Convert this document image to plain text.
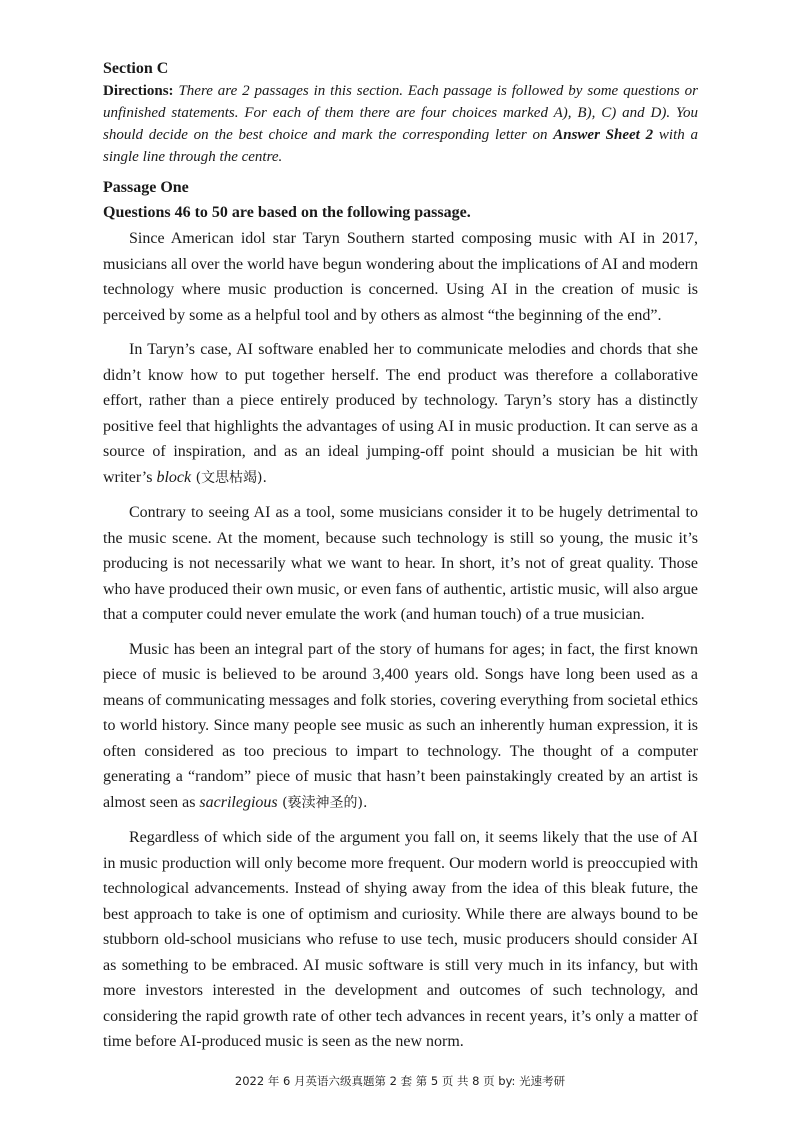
Section C

Directions: There are 2 passages in this section. Each passage is followed by some questions or unfinished statements. For each of them there are four choices marked A), B), C) and D). You should decide on the best choice and mark the corresponding letter on Answer Sheet 2 with a single line through the centre.

Passage One

Questions 46 to 50 are based on the following passage.

Since American idol star Taryn Southern started composing music with AI in 2017, musicians all over the world have begun wondering about the implications of AI and modern technology where music production is concerned. Using AI in the creation of music is perceived by some as a helpful tool and by others as almost “the beginning of the end”.

In Taryn’s case, AI software enabled her to communicate melodies and chords that she didn’t know how to put together herself. The end product was therefore a collaborative effort, rather than a piece entirely produced by technology. Taryn’s story has a distinctly positive feel that highlights the advantages of using AI in music production. It can serve as a source of inspiration, and as an ideal jumping-off point should a musician be hit with writer’s block (文思枯竭).

Contrary to seeing AI as a tool, some musicians consider it to be hugely detrimental to the music scene. At the moment, because such technology is still so young, the music it’s producing is not necessarily what we want to hear. In short, it’s not of great quality. Those who have produced their own music, or even fans of authentic, artistic music, will also argue that a computer could never emulate the work (and human touch) of a true musician.

Music has been an integral part of the story of humans for ages; in fact, the first known piece of music is believed to be around 3,400 years old. Songs have long been used as a means of communicating messages and folk stories, covering everything from societal ethics to world history. Since many people see music as such an inherently human expression, it is often considered as too precious to impart to technology. The thought of a computer generating a “random” piece of music that hasn’t been painstakingly created by an artist is almost seen as sacrilegious (亵渎神圣的).

Regardless of which side of the argument you fall on, it seems likely that the use of AI in music production will only become more frequent. Our modern world is preoccupied with technological advancements. Instead of shying away from the idea of this bleak future, the best approach to take is one of optimism and curiosity. While there are always bound to be stubborn old-school musicians who refuse to use tech, music producers should consider AI as something to be embraced. AI music software is still very much in its infancy, but with more investors interested in the development and outcomes of such technology, and considering the rapid growth rate of other tech advances in recent years, it’s only a matter of time before AI-produced music is seen as the new norm.

2022 年 6 月英语六级真题第 2 套 第 5 页 共 8 页 by: 光速考研
